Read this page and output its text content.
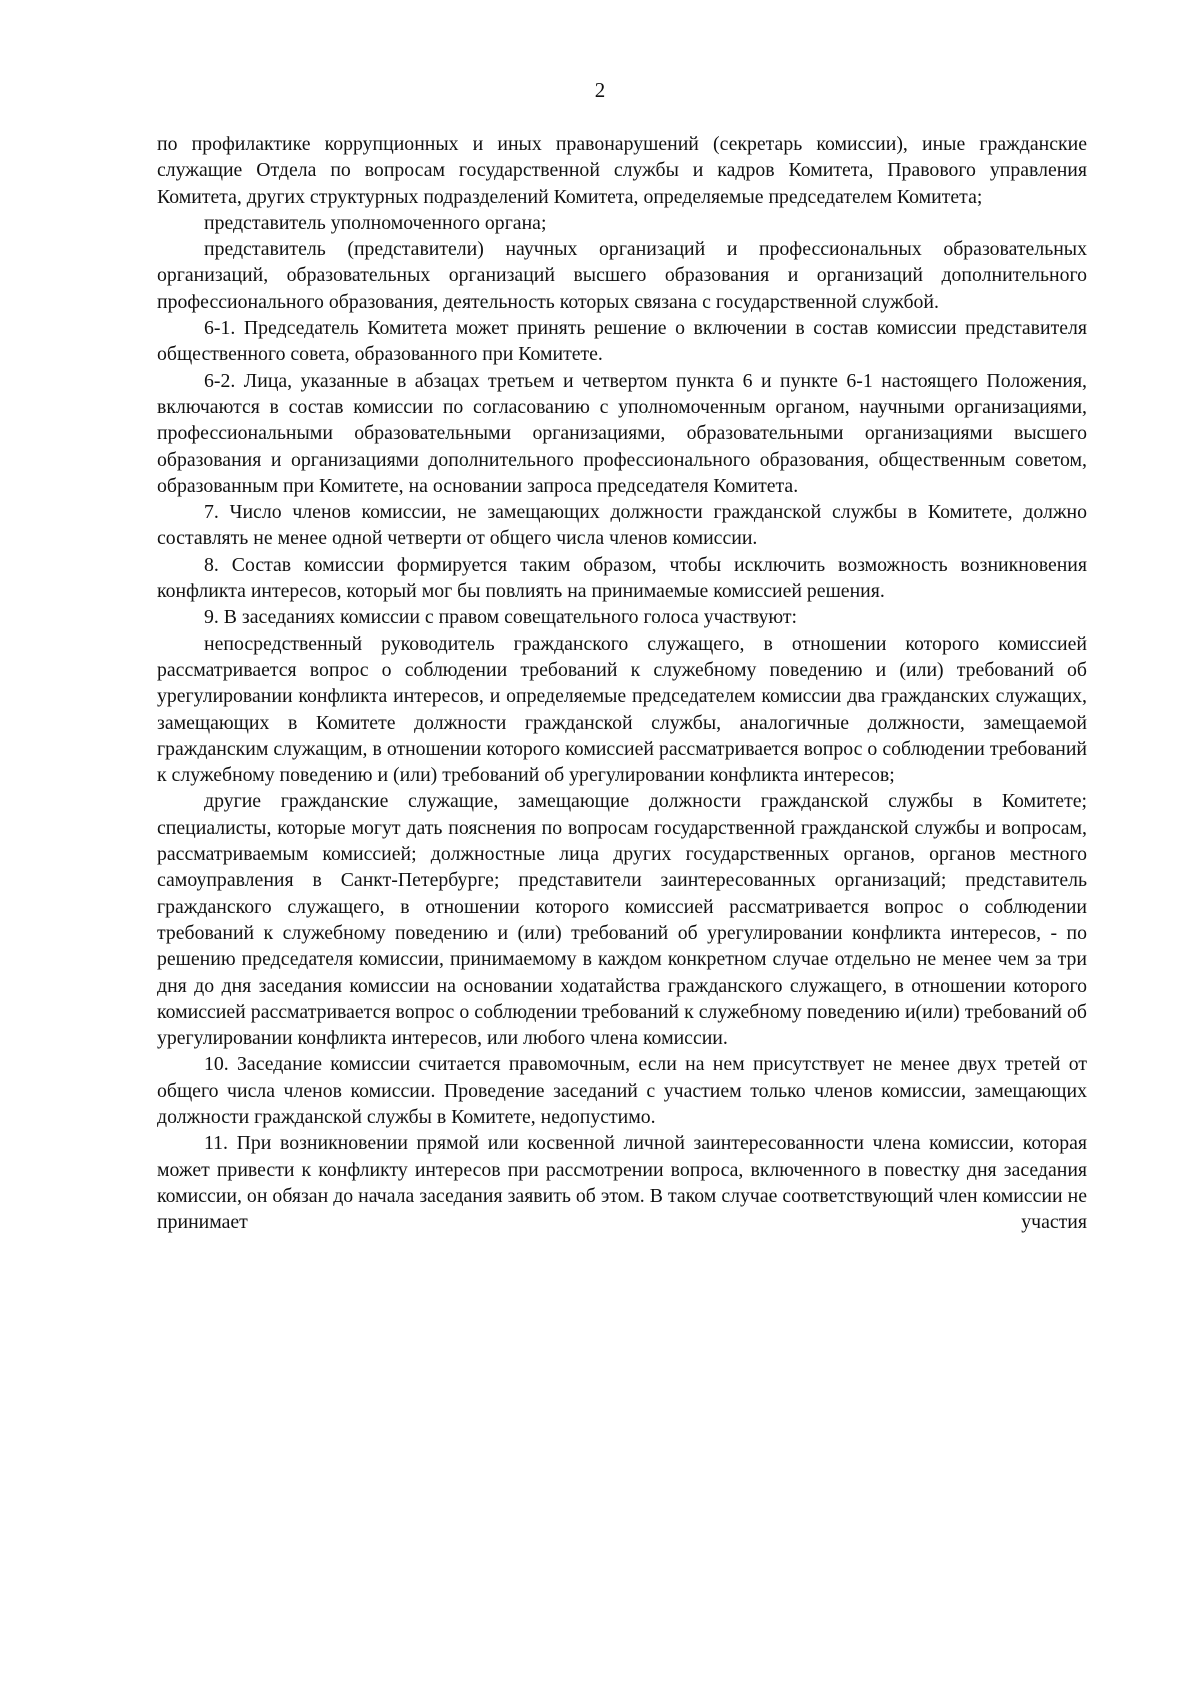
2

по профилактике коррупционных и иных правонарушений (секретарь комиссии), иные гражданские служащие Отдела по вопросам государственной службы и кадров Комитета, Правового управления Комитета, других структурных подразделений Комитета, определяемые председателем Комитета;

представитель уполномоченного органа;

представитель (представители) научных организаций и профессиональных образовательных организаций, образовательных организаций высшего образования и организаций дополнительного профессионального образования, деятельность которых связана с государственной службой.

6-1. Председатель Комитета может принять решение о включении в состав комиссии представителя общественного совета, образованного при Комитете.

6-2. Лица, указанные в абзацах третьем и четвертом пункта 6 и пункте 6-1 настоящего Положения, включаются в состав комиссии по согласованию с уполномоченным органом, научными организациями, профессиональными образовательными организациями, образовательными организациями высшего образования и организациями дополнительного профессионального образования, общественным советом, образованным при Комитете, на основании запроса председателя Комитета.

7. Число членов комиссии, не замещающих должности гражданской службы в Комитете, должно составлять не менее одной четверти от общего числа членов комиссии.

8. Состав комиссии формируется таким образом, чтобы исключить возможность возникновения конфликта интересов, который мог бы повлиять на принимаемые комиссией решения.

9. В заседаниях комиссии с правом совещательного голоса участвуют:

непосредственный руководитель гражданского служащего, в отношении которого комиссией рассматривается вопрос о соблюдении требований к служебному поведению и (или) требований об урегулировании конфликта интересов, и определяемые председателем комиссии два гражданских служащих, замещающих в Комитете должности гражданской службы, аналогичные должности, замещаемой гражданским служащим, в отношении которого комиссией рассматривается вопрос о соблюдении требований к служебному поведению и (или) требований об урегулировании конфликта интересов;

другие гражданские служащие, замещающие должности гражданской службы в Комитете; специалисты, которые могут дать пояснения по вопросам государственной гражданской службы и вопросам, рассматриваемым комиссией; должностные лица других государственных органов, органов местного самоуправления в Санкт-Петербурге; представители заинтересованных организаций; представитель гражданского служащего, в отношении которого комиссией рассматривается вопрос о соблюдении требований к служебному поведению и (или) требований об урегулировании конфликта интересов, - по решению председателя комиссии, принимаемому в каждом конкретном случае отдельно не менее чем за три дня до дня заседания комиссии на основании ходатайства гражданского служащего, в отношении которого комиссией рассматривается вопрос о соблюдении требований к служебному поведению и(или) требований об урегулировании конфликта интересов, или любого члена комиссии.

10. Заседание комиссии считается правомочным, если на нем присутствует не менее двух третей от общего числа членов комиссии. Проведение заседаний с участием только членов комиссии, замещающих должности гражданской службы в Комитете, недопустимо.

11. При возникновении прямой или косвенной личной заинтересованности члена комиссии, которая может привести к конфликту интересов при рассмотрении вопроса, включенного в повестку дня заседания комиссии, он обязан до начала заседания заявить об этом. В таком случае соответствующий член комиссии не принимает участия
